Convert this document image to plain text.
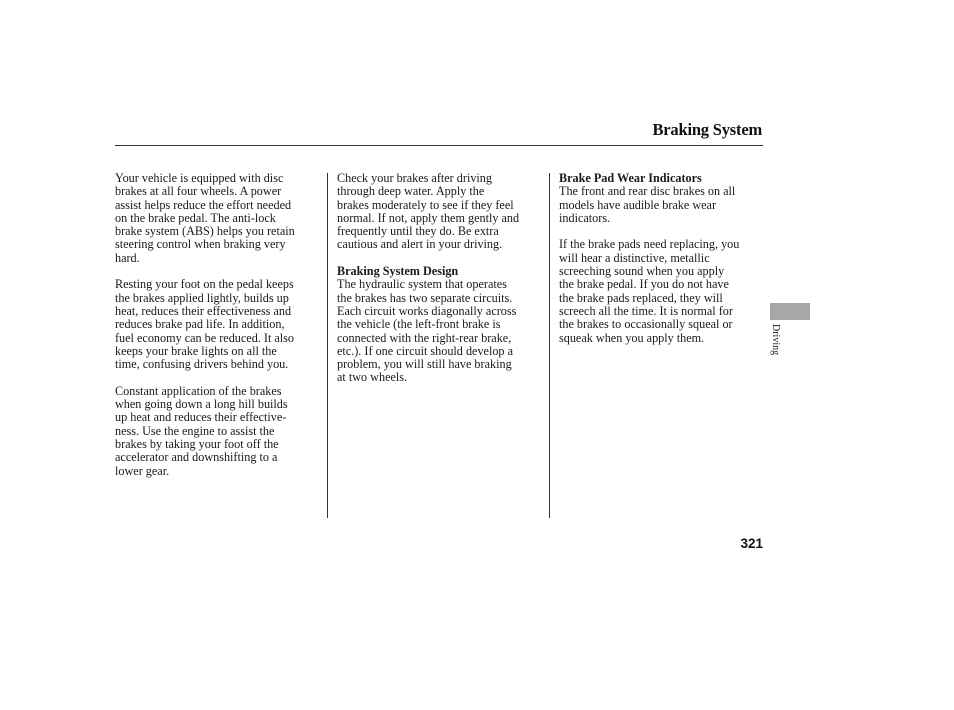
Braking System

Your vehicle is equipped with disc
brakes at all four wheels. A power
assist helps reduce the effort needed
on the brake pedal. The anti-lock
brake system (ABS) helps you retain
steering control when braking very
hard.

Resting your foot on the pedal keeps
the brakes applied lightly, builds up
heat, reduces their effectiveness and
reduces brake pad life. In addition,
fuel economy can be reduced. It also
keeps your brake lights on all the
time, confusing drivers behind you.

Constant application of the brakes
when going down a long hill builds
up heat and reduces their effective-
ness. Use the engine to assist the
brakes by taking your foot off the
accelerator and downshifting to a
lower gear.

Check your brakes after driving
through deep water. Apply the
brakes moderately to see if they feel
normal. If not, apply them gently and
frequently until they do. Be extra
cautious and alert in your driving.

Braking System Design
The hydraulic system that operates
the brakes has two separate circuits.
Each circuit works diagonally across
the vehicle (the left-front brake is
connected with the right-rear brake,
etc.). If one circuit should develop a
problem, you will still have braking
at two wheels.

Brake Pad Wear Indicators
The front and rear disc brakes on all
models have audible brake wear
indicators.

If the brake pads need replacing, you
will hear a distinctive, metallic
screeching sound when you apply
the brake pedal. If you do not have
the brake pads replaced, they will
screech all the time. It is normal for
the brakes to occasionally squeal or
squeak when you apply them.	Driving
321
